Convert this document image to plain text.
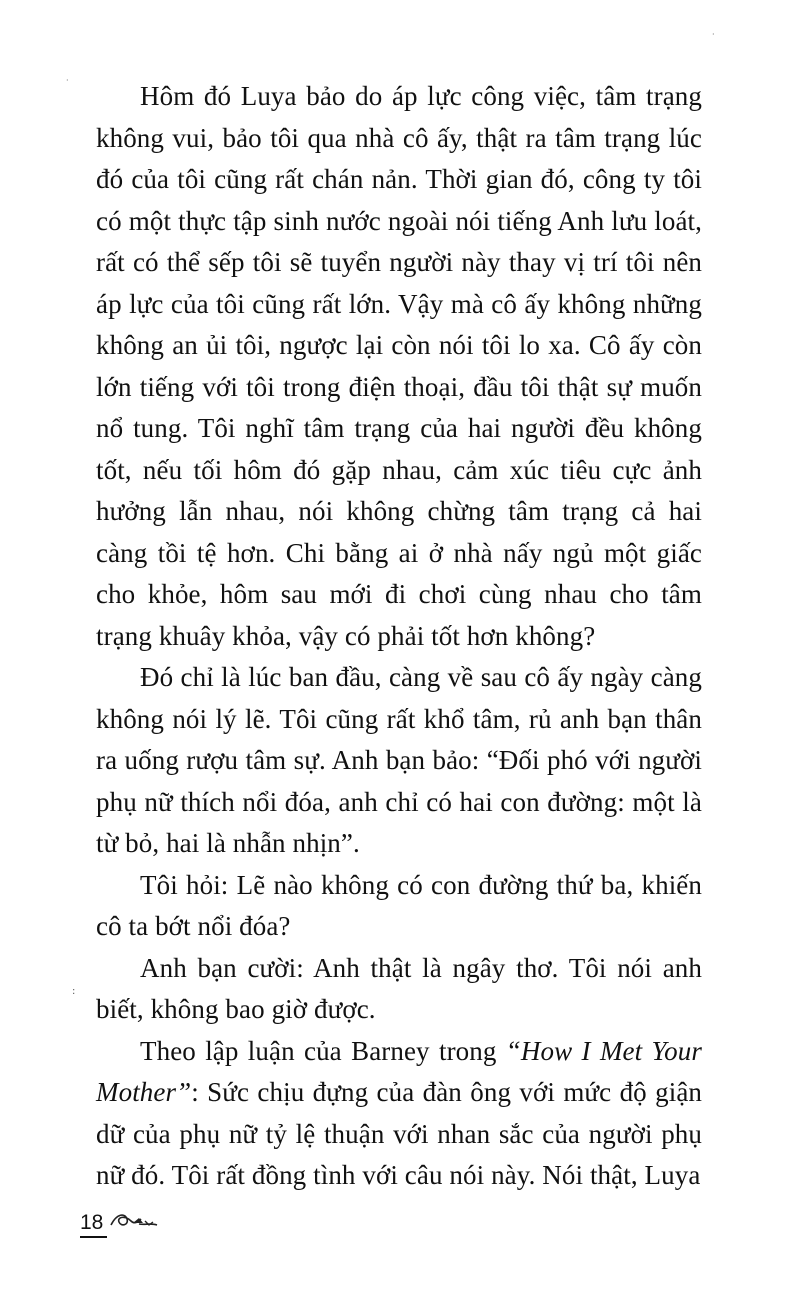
Hôm đó Luya bảo do áp lực công việc, tâm trạng không vui, bảo tôi qua nhà cô ấy, thật ra tâm trạng lúc đó của tôi cũng rất chán nản. Thời gian đó, công ty tôi có một thực tập sinh nước ngoài nói tiếng Anh lưu loát, rất có thể sếp tôi sẽ tuyển người này thay vị trí tôi nên áp lực của tôi cũng rất lớn. Vậy mà cô ấy không những không an ủi tôi, ngược lại còn nói tôi lo xa. Cô ấy còn lớn tiếng với tôi trong điện thoại, đầu tôi thật sự muốn nổ tung. Tôi nghĩ tâm trạng của hai người đều không tốt, nếu tối hôm đó gặp nhau, cảm xúc tiêu cực ảnh hưởng lẫn nhau, nói không chừng tâm trạng cả hai càng tồi tệ hơn. Chi bằng ai ở nhà nấy ngủ một giấc cho khỏe, hôm sau mới đi chơi cùng nhau cho tâm trạng khuây khỏa, vậy có phải tốt hơn không?

Đó chỉ là lúc ban đầu, càng về sau cô ấy ngày càng không nói lý lẽ. Tôi cũng rất khổ tâm, rủ anh bạn thân ra uống rượu tâm sự. Anh bạn bảo: “Đối phó với người phụ nữ thích nổi đóa, anh chỉ có hai con đường: một là từ bỏ, hai là nhẫn nhịn”.

Tôi hỏi: Lẽ nào không có con đường thứ ba, khiến cô ta bớt nổi đóa?

Anh bạn cười: Anh thật là ngây thơ. Tôi nói anh biết, không bao giờ được.

Theo lập luận của Barney trong “How I Met Your Mother”: Sức chịu đựng của đàn ông với mức độ giận dữ của phụ nữ tỷ lệ thuận với nhan sắc của người phụ nữ đó. Tôi rất đồng tình với câu nói này. Nói thật, Luya

18
·
:
·
